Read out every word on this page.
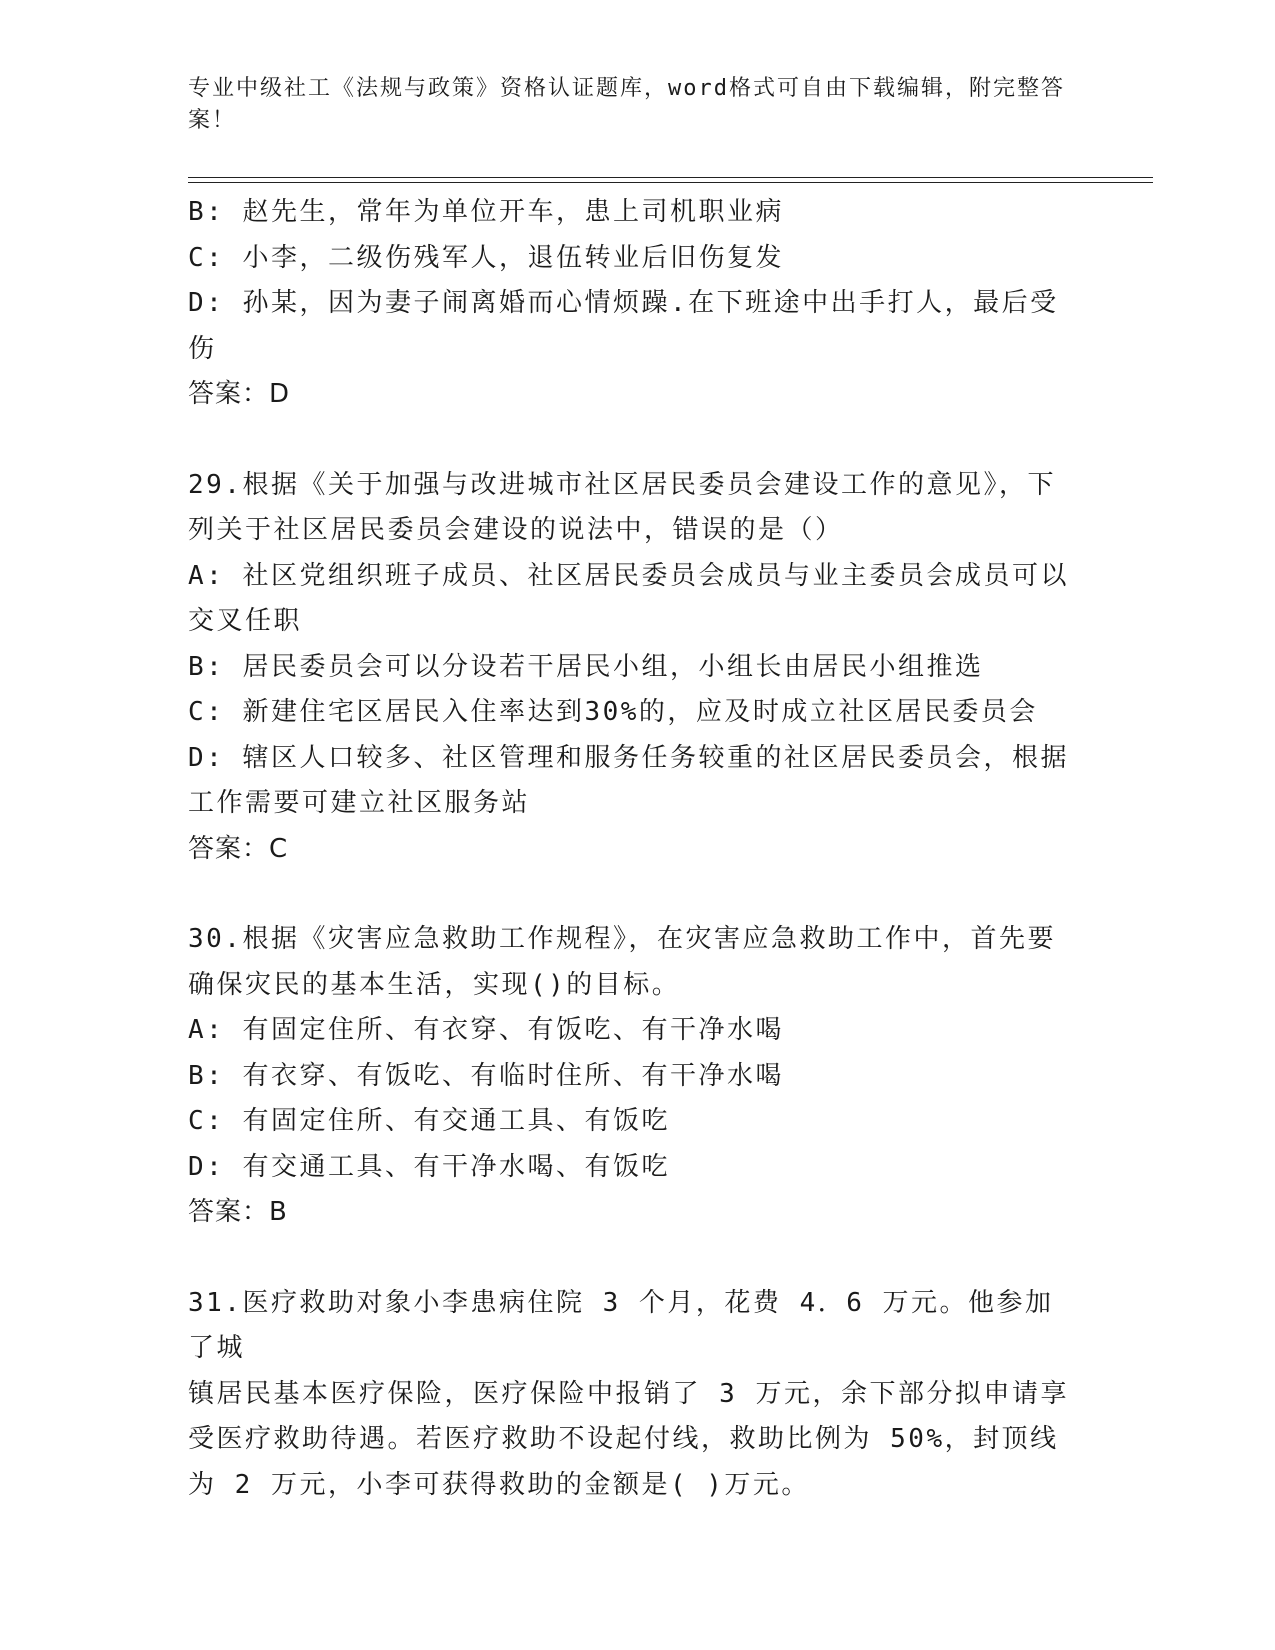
专业中级社工《法规与政策》资格认证题库，word格式可自由下载编辑，附完整答案！
B: 赵先生，常年为单位开车，患上司机职业病
C: 小李，二级伤残军人，退伍转业后旧伤复发
D: 孙某，因为妻子闹离婚而心情烦躁.在下班途中出手打人，最后受
伤
答案：D
29.根据《关于加强与改进城市社区居民委员会建设工作的意见》，下
列关于社区居民委员会建设的说法中，错误的是（）
A: 社区党组织班子成员、社区居民委员会成员与业主委员会成员可以
交叉任职
B: 居民委员会可以分设若干居民小组，小组长由居民小组推选
C: 新建住宅区居民入住率达到30%的，应及时成立社区居民委员会
D: 辖区人口较多、社区管理和服务任务较重的社区居民委员会，根据
工作需要可建立社区服务站
答案：C
30.根据《灾害应急救助工作规程》，在灾害应急救助工作中，首先要
确保灾民的基本生活，实现()的目标。
A: 有固定住所、有衣穿、有饭吃、有干净水喝
B: 有衣穿、有饭吃、有临时住所、有干净水喝
C: 有固定住所、有交通工具、有饭吃
D: 有交通工具、有干净水喝、有饭吃
答案：B
31.医疗救助对象小李患病住院 3 个月，花费 4．6 万元。他参加了城
镇居民基本医疗保险，医疗保险中报销了 3 万元，余下部分拟申请享
受医疗救助待遇。若医疗救助不设起付线，救助比例为 50%，封顶线
为 2 万元，小李可获得救助的金额是( )万元。
